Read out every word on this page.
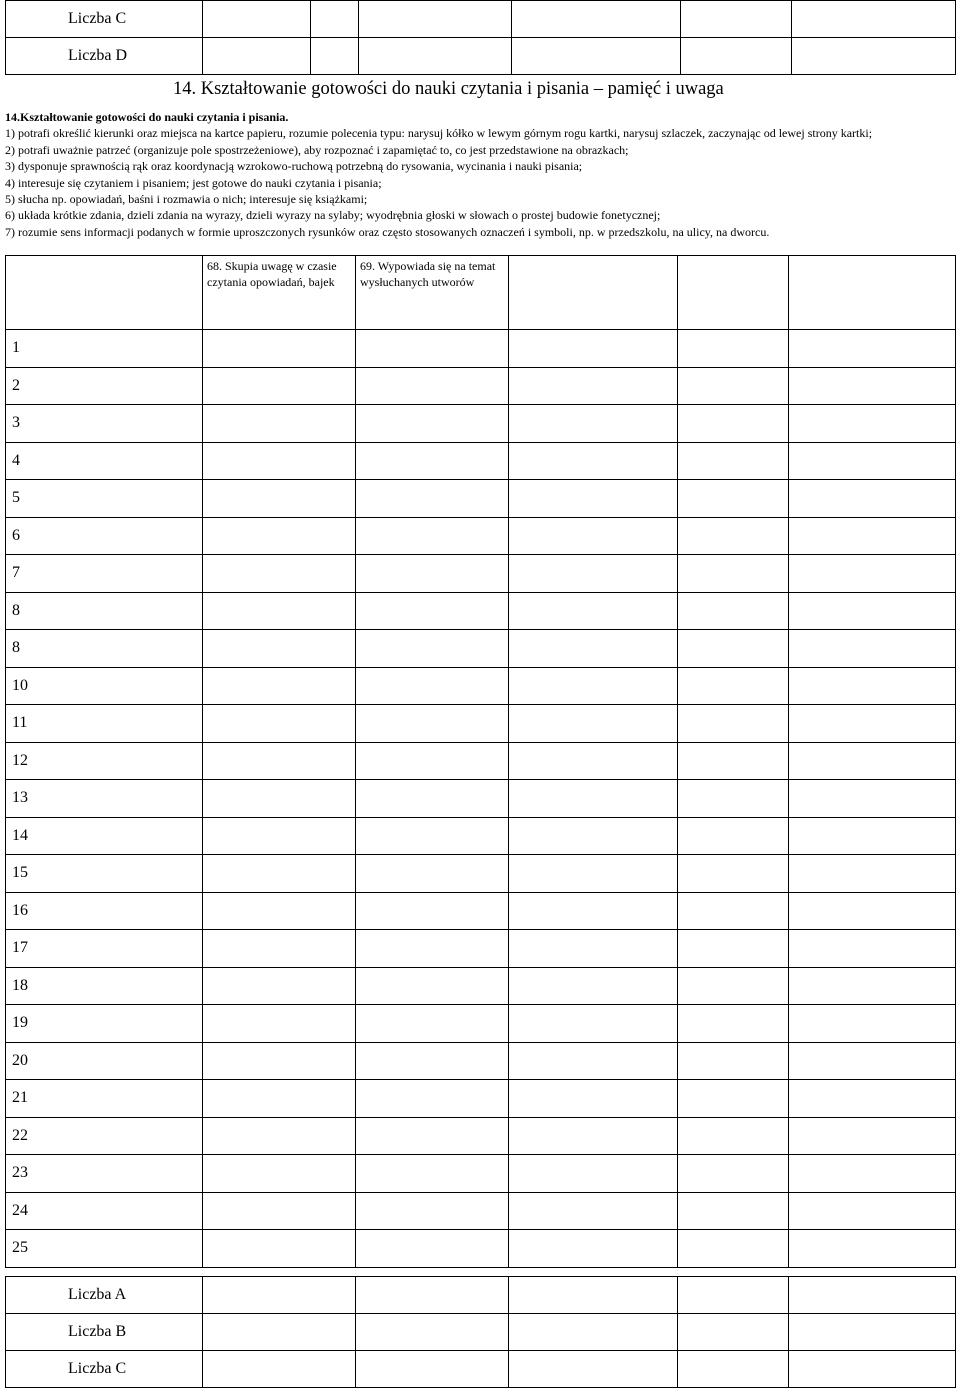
Liczba C						
Liczba D						
14. Kształtowanie gotowości do nauki czytania i pisania – pamięć i uwaga

14.Kształtowanie gotowości do nauki czytania i pisania.

1) potrafi określić kierunki oraz miejsca na kartce papieru, rozumie polecenia typu: narysuj kółko w lewym górnym rogu kartki, narysuj szlaczek, zaczynając od lewej strony kartki;

2) potrafi uważnie patrzeć (organizuje pole spostrzeżeniowe), aby rozpoznać i zapamiętać to, co jest przedstawione na obrazkach;

3) dysponuje sprawnością rąk oraz koordynacją wzrokowo-ruchową potrzebną do rysowania, wycinania i nauki pisania;

4) interesuje się czytaniem i pisaniem; jest gotowe do nauki czytania i pisania;

5) słucha np. opowiadań, baśni i rozmawia o nich; interesuje się książkami;

6) układa krótkie zdania, dzieli zdania na wyrazy, dzieli wyrazy na sylaby; wyodrębnia głoski w słowach o prostej budowie fonetycznej;

7) rozumie sens informacji podanych w formie uproszczonych rysunków oraz często stosowanych oznaczeń i symboli, np. w przedszkolu, na ulicy, na dworcu.

	68. Skupia uwagę w czasie czytania opowiadań, bajek	69. Wypowiada się na temat wysłuchanych utworów			
1					
2					
3					
4					
5					
6					
7					
8					
8					
10					
11					
12					
13					
14					
15					
16					
17					
18					
19					
20					
21					
22					
23					
24					
25					
Liczba A					
Liczba B					
Liczba C					
